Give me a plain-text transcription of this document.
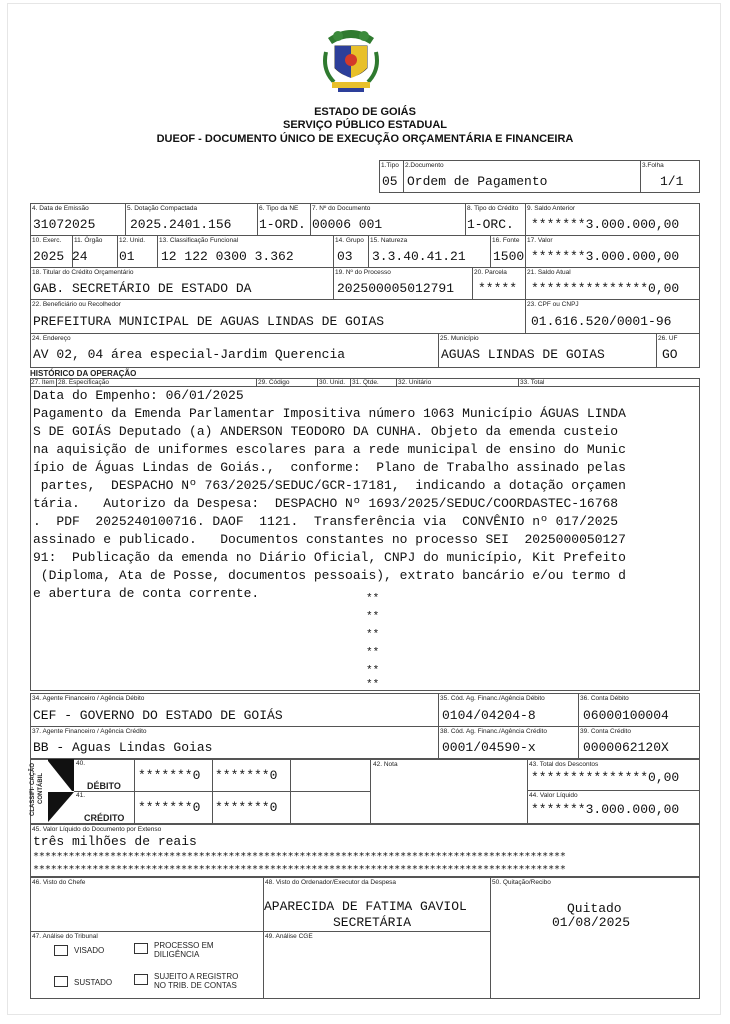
ESTADO DE GOIÁS
SERVIÇO PÚBLICO ESTADUAL
DUEOF - DOCUMENTO ÚNICO DE EXECUÇÃO ORÇAMENTÁRIA E FINANCEIRA
1.Tipo
05
2.Documento
Ordem de Pagamento
3.Folha
1/1
4. Data de Emissão
31072025
5. Dotação Compactada
2025.2401.156
6. Tipo da NE
1-ORD.
7. Nº do Documento
00006 001
8. Tipo do Crédito
1-ORC.
9. Saldo Anterior
*******3.000.000,00
10. Exerc.
2025
11. Órgão
24
12. Unid.
01
13. Classificação Funcional
12 122 0300 3.362
14. Grupo
03
15. Natureza
3.3.40.41.21
16. Fonte
1500
17. Valor
*******3.000.000,00
18. Titular do Crédito Orçamentário
GAB. SECRETÁRIO DE ESTADO DA
19. Nº do Processo
202500005012791
20. Parcela
*****
21. Saldo Atual
***************0,00
22. Beneficiário ou Recolhedor
PREFEITURA MUNICIPAL DE AGUAS LINDAS DE GOIAS
23. CPF ou CNPJ
01.616.520/0001-96
24. Endereço
AV 02, 04 área especial-Jardim Querencia
25. Município
AGUAS LINDAS DE GOIAS
26. UF
GO
HISTÓRICO DA OPERAÇÃO
27. Item 28. Especificação	29. Código	30. Unid. 31. Qtde.	32. Unitário	33. Total
Data do Empenho: 06/01/2025
Pagamento da Emenda Parlamentar Impositiva número 1063 Município ÁGUAS LINDA
S DE GOIÁS Deputado (a) ANDERSON TEODORO DA CUNHA. Objeto da emenda custeio
na aquisição de uniformes escolares para a rede municipal de ensino do Munic
ípio de Águas Lindas de Goiás.,  conforme:  Plano de Trabalho assinado pelas
partes,  DESPACHO Nº 763/2025/SEDUC/GCR-17181,  indicando a dotação orçamen
tária.   Autorizo da Despesa:  DESPACHO Nº 1693/2025/SEDUC/COORDASTEC-16768
.  PDF  2025240100716. DAOF  1121.  Transferência via  CONVÊNIO nº 017/2025
assinado e publicado.   Documentos constantes no processo SEI  2025000050127
91:  Publicação da emenda no Diário Oficial, CNPJ do município, Kit Prefeito
(Diploma, Ata de Posse, documentos pessoais), extrato bancário e/ou termo d
e abertura de conta corrente.	**
**
**
**
**
**
34. Agente Financeiro / Agência Débito
CEF - GOVERNO DO ESTADO DE GOIÁS
35. Cód. Ag. Financ./Agência Débito
0104/04204-8
36. Conta Débito
06000100004
37. Agente Financeiro / Agência Crédito
BB - Aguas Lindas Goias
38. Cód. Ag. Financ./Agência Crédito
0001/04590-x
39. Conta Crédito
0000062120X
CLASSIFI- CAÇÃO CONTÁBIL
40.
41.
DÉBITO
CRÉDITO
*******0 *******0
*******0 *******0
42. Nota	43. Total dos Descontos
***************0,00
44. Valor Líquido
*******3.000.000,00
45. Valor Líquido do Documento por Extenso
três milhões de reais
******************************************************************************************
******************************************************************************************
46. Visto do Chefe	48. Visto do Ordenador/Executor da Despesa
APARECIDA DE FATIMA GAVIOL
SECRETÁRIA
50. Quitação/Recibo
Quitado
01/08/2025
47. Análise do Tribunal
VISADO
PROCESSO EM
DILIGÊNCIA
SUSTADO
SUJEITO A REGISTRO
NO TRIB. DE CONTAS
49. Análise CGE
